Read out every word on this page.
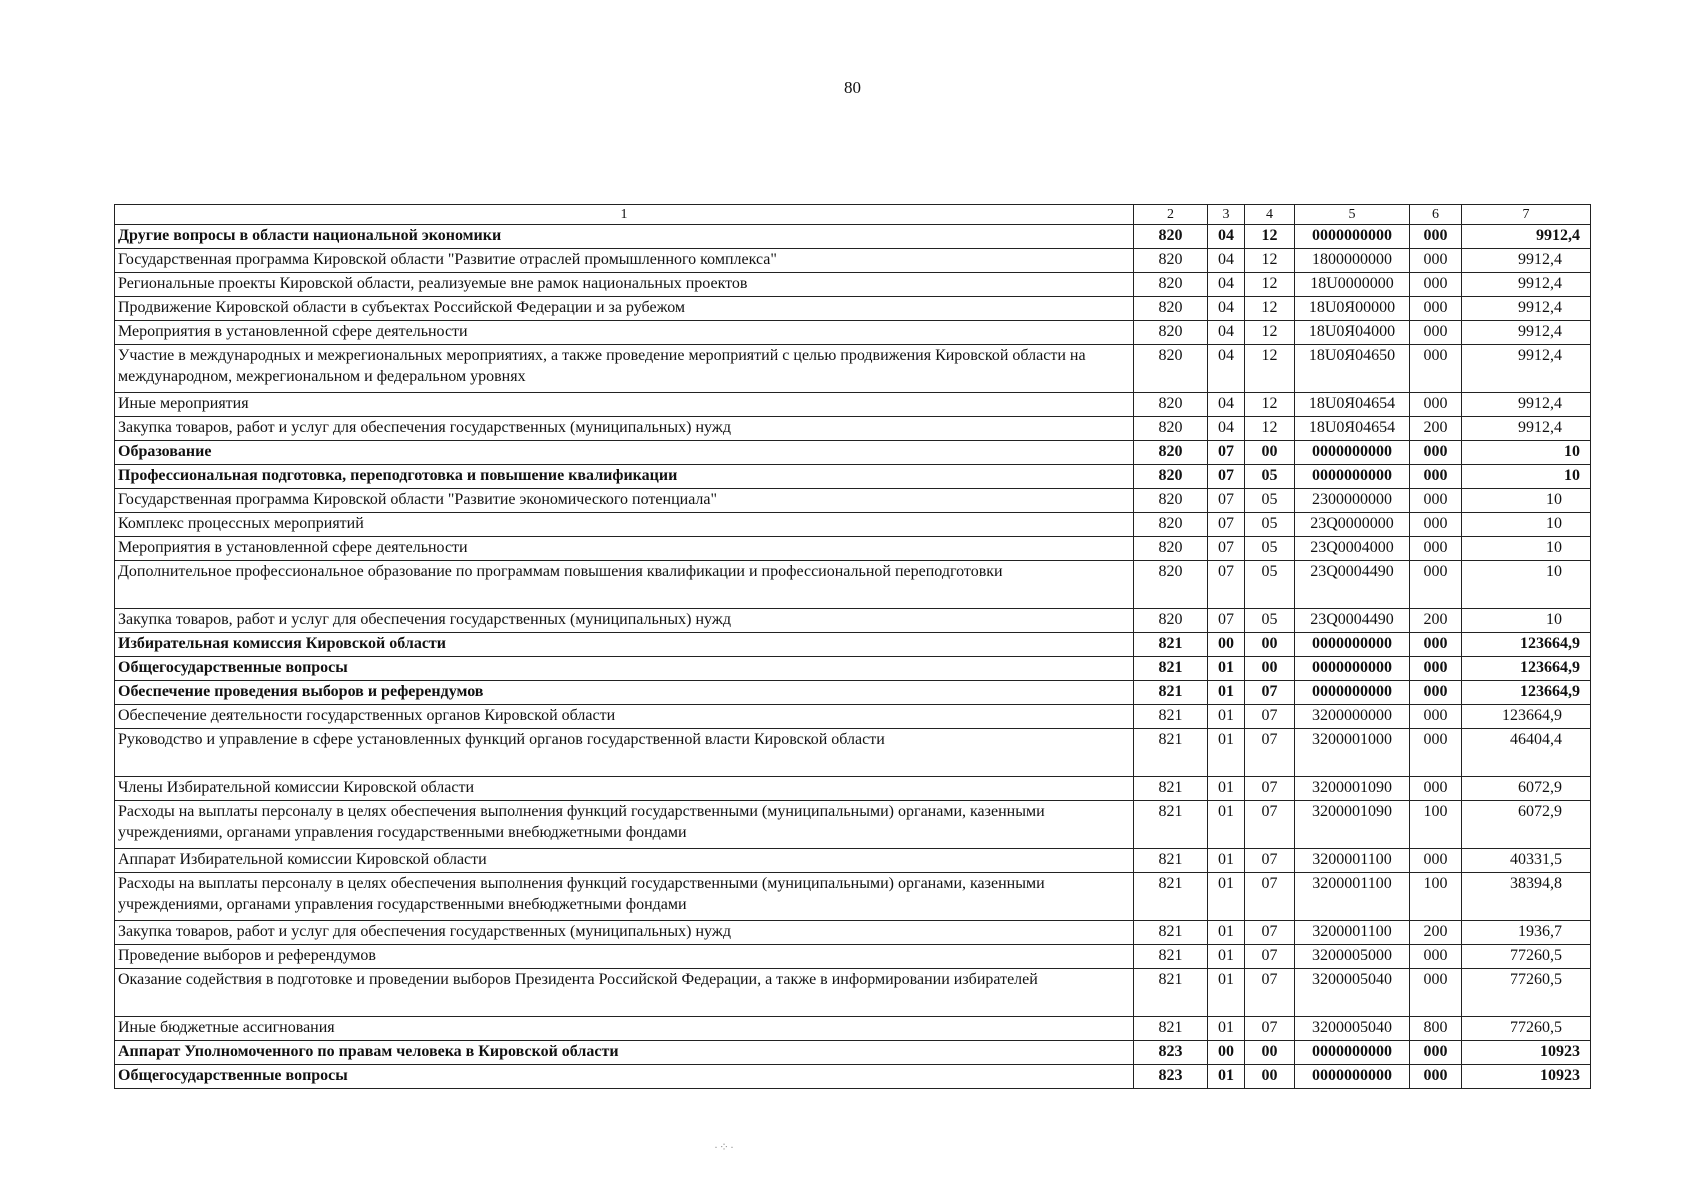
80
1	2	3	4	5	6	7
Другие вопросы в области национальной экономики	820	04	12	0000000000	000	9912,4
Государственная программа Кировской области "Развитие отраслей промышленного комплекса"	820	04	12	1800000000	000	9912,4
Региональные проекты Кировской области, реализуемые вне рамок национальных проектов	820	04	12	18U0000000	000	9912,4
Продвижение Кировской области в субъектах Российской Федерации и за рубежом	820	04	12	18U0Я00000	000	9912,4
Мероприятия в установленной сфере деятельности	820	04	12	18U0Я04000	000	9912,4
Участие в международных и межрегиональных мероприятиях, а также проведение мероприятий с целью продвижения Кировской области на международном, межрегиональном и федеральном уровнях	820	04	12	18U0Я04650	000	9912,4
Иные мероприятия	820	04	12	18U0Я04654	000	9912,4
Закупка товаров, работ и услуг для обеспечения государственных (муниципальных) нужд	820	04	12	18U0Я04654	200	9912,4
Образование	820	07	00	0000000000	000	10
Профессиональная подготовка, переподготовка и повышение квалификации	820	07	05	0000000000	000	10
Государственная программа Кировской области "Развитие экономического потенциала"	820	07	05	2300000000	000	10
Комплекс процессных мероприятий	820	07	05	23Q0000000	000	10
Мероприятия в установленной сфере деятельности	820	07	05	23Q0004000	000	10
Дополнительное профессиональное образование по программам повышения квалификации и профессиональной переподготовки	820	07	05	23Q0004490	000	10
Закупка товаров, работ и услуг для обеспечения государственных (муниципальных) нужд	820	07	05	23Q0004490	200	10
Избирательная комиссия Кировской области	821	00	00	0000000000	000	123664,9
Общегосударственные вопросы	821	01	00	0000000000	000	123664,9
Обеспечение проведения выборов и референдумов	821	01	07	0000000000	000	123664,9
Обеспечение деятельности государственных органов Кировской области	821	01	07	3200000000	000	123664,9
Руководство и управление в сфере установленных функций органов государственной власти Кировской области	821	01	07	3200001000	000	46404,4
Члены Избирательной комиссии Кировской области	821	01	07	3200001090	000	6072,9
Расходы на выплаты персоналу в целях обеспечения выполнения функций государственными (муниципальными) органами, казенными учреждениями, органами управления государственными внебюджетными фондами	821	01	07	3200001090	100	6072,9
Аппарат Избирательной комиссии Кировской области	821	01	07	3200001100	000	40331,5
Расходы на выплаты персоналу в целях обеспечения выполнения функций государственными (муниципальными) органами, казенными учреждениями, органами управления государственными внебюджетными фондами	821	01	07	3200001100	100	38394,8
Закупка товаров, работ и услуг для обеспечения государственных (муниципальных) нужд	821	01	07	3200001100	200	1936,7
Проведение выборов и референдумов	821	01	07	3200005000	000	77260,5
Оказание содействия в подготовке и проведении выборов Президента Российской Федерации, а также в информировании избирателей	821	01	07	3200005040	000	77260,5
Иные бюджетные ассигнования	821	01	07	3200005040	800	77260,5
Аппарат Уполномоченного по правам человека в Кировской области	823	00	00	0000000000	000	10923
Общегосударственные вопросы	823	01	00	0000000000	000	10923
·⁘·
